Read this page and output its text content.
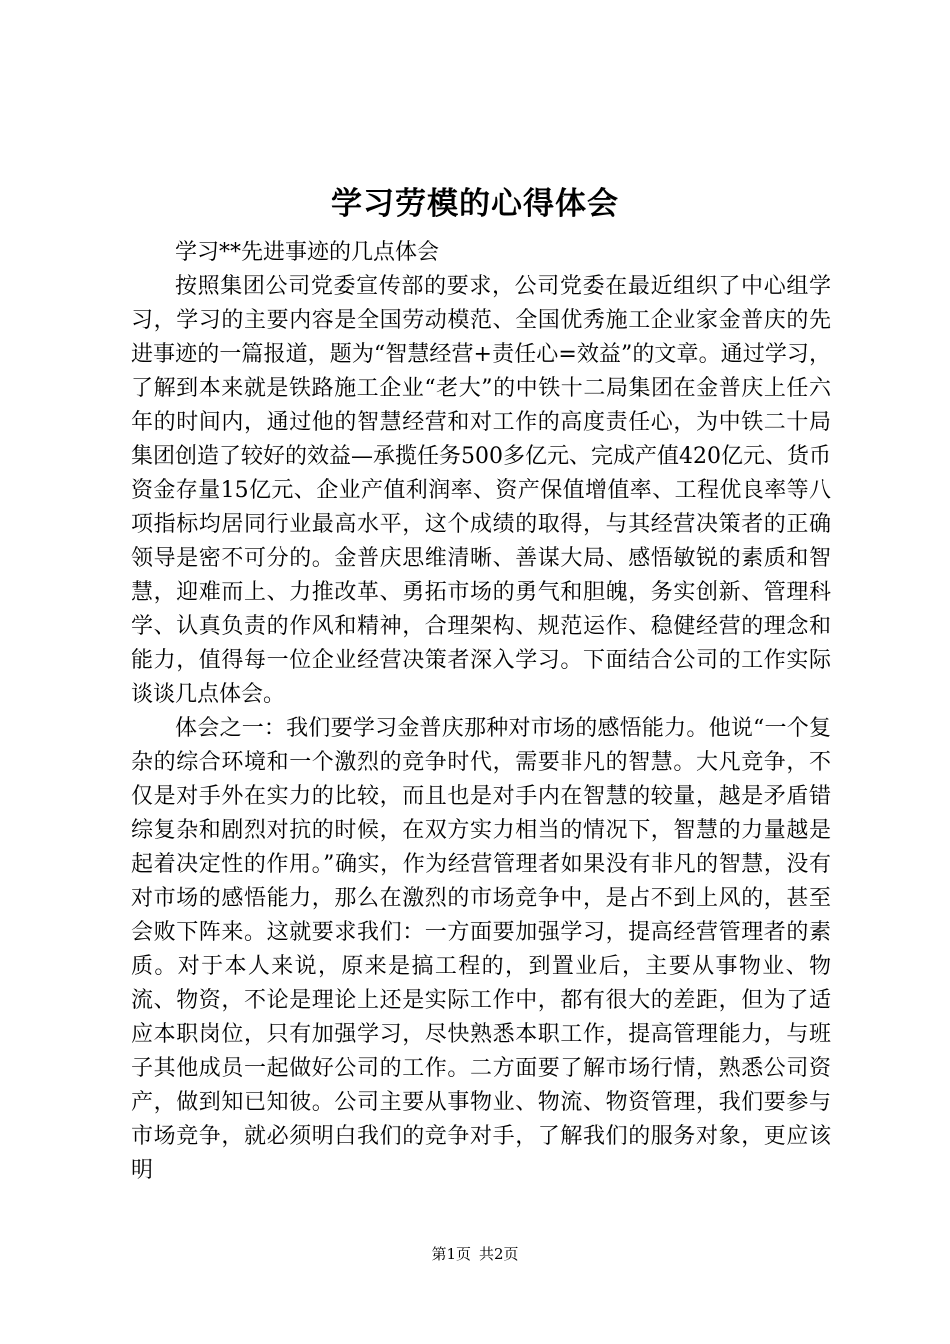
学习劳模的心得体会

学习**先进事迹的几点体会

按照集团公司党委宣传部的要求，公司党委在最近组织了中心组学习，学习的主要内容是全国劳动模范、全国优秀施工企业家金普庆的先进事迹的一篇报道，题为“智慧经营+责任心=效益”的文章。通过学习，了解到本来就是铁路施工企业“老大”的中铁十二局集团在金普庆上任六年的时间内，通过他的智慧经营和对工作的高度责任心，为中铁二十局集团创造了较好的效益—承揽任务500多亿元、完成产值420亿元、货币资金存量15亿元、企业产值利润率、资产保值增值率、工程优良率等八项指标均居同行业最高水平，这个成绩的取得，与其经营决策者的正确领导是密不可分的。金普庆思维清晰、善谋大局、感悟敏锐的素质和智慧，迎难而上、力推改革、勇拓市场的勇气和胆魄，务实创新、管理科学、认真负责的作风和精神，合理架构、规范运作、稳健经营的理念和能力，值得每一位企业经营决策者深入学习。下面结合公司的工作实际谈谈几点体会。

体会之一：我们要学习金普庆那种对市场的感悟能力。他说“一个复杂的综合环境和一个激烈的竞争时代，需要非凡的智慧。大凡竞争，不仅是对手外在实力的比较，而且也是对手内在智慧的较量，越是矛盾错综复杂和剧烈对抗的时候，在双方实力相当的情况下，智慧的力量越是起着决定性的作用。”确实，作为经营管理者如果没有非凡的智慧，没有对市场的感悟能力，那么在激烈的市场竞争中，是占不到上风的，甚至会败下阵来。这就要求我们：一方面要加强学习，提高经营管理者的素质。对于本人来说，原来是搞工程的，到置业后，主要从事物业、物流、物资，不论是理论上还是实际工作中，都有很大的差距，但为了适应本职岗位，只有加强学习，尽快熟悉本职工作，提高管理能力，与班子其他成员一起做好公司的工作。二方面要了解市场行情，熟悉公司资产，做到知已知彼。公司主要从事物业、物流、物资管理，我们要参与市场竞争，就必须明白我们的竞争对手，了解我们的服务对象，更应该明

第1页 共2页
